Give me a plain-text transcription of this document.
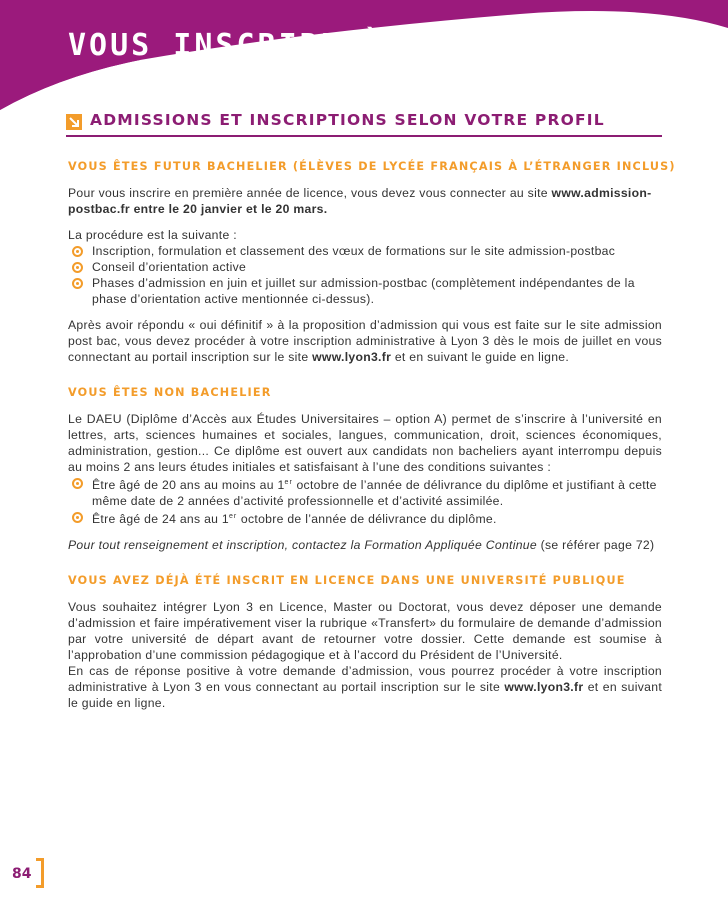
VOUS INSCRIRE À LYON 3
ADMISSIONS ET INSCRIPTIONS SELON VOTRE PROFIL
VOUS ÊTES FUTUR BACHELIER (ÉLÈVES DE LYCÉE FRANÇAIS À L’ÉTRANGER INCLUS)

Pour vous inscrire en première année de licence, vous devez vous connecter au site www.admission-postbac.fr entre le 20 janvier et le 20 mars.

La procédure est la suivante :

Inscription, formulation et classement des vœux de formations sur le site admission-postbac
Conseil d’orientation active
Phases d’admission en juin et juillet sur admission-postbac (complètement indépendantes de la phase d’orientation active mentionnée ci-dessus).

Après avoir répondu « oui définitif » à la proposition d’admission qui vous est faite sur le site admission post bac, vous devez procéder à votre inscription administrative à Lyon 3 dès le mois de juillet en vous connectant au portail inscription sur le site www.lyon3.fr et en suivant le guide en ligne.

VOUS ÊTES NON BACHELIER

Le DAEU (Diplôme d’Accès aux Études Universitaires – option A) permet de s’inscrire à l’université en lettres, arts, sciences humaines et sociales, langues, communication, droit, sciences économiques, administration, gestion... Ce diplôme est ouvert aux candidats non bacheliers ayant interrompu depuis au moins 2 ans leurs études initiales et satisfaisant à l’une des conditions suivantes :

Être âgé de 20 ans au moins au 1er octobre de l’année de délivrance du diplôme et justifiant à cette même date de 2 années d’activité professionnelle et d’activité assimilée.
Être âgé de 24 ans au 1er octobre de l’année de délivrance du diplôme.

Pour tout renseignement et inscription, contactez la Formation Appliquée Continue (se référer page 72)

VOUS AVEZ DÉJÀ ÉTÉ INSCRIT EN LICENCE DANS UNE UNIVERSITÉ PUBLIQUE

Vous souhaitez intégrer Lyon 3 en Licence, Master ou Doctorat, vous devez déposer une demande d’admission et faire impérativement viser la rubrique «Transfert» du formulaire de demande d’admission par votre université de départ avant de retourner votre dossier. Cette demande est soumise à l’approbation d’une commission pédagogique et à l’accord du Président de l’Université.

En cas de réponse positive à votre demande d’admission, vous pourrez procéder à votre inscription administrative à Lyon 3 en vous connectant au portail inscription sur le site www.lyon3.fr et en suivant le guide en ligne.

84
